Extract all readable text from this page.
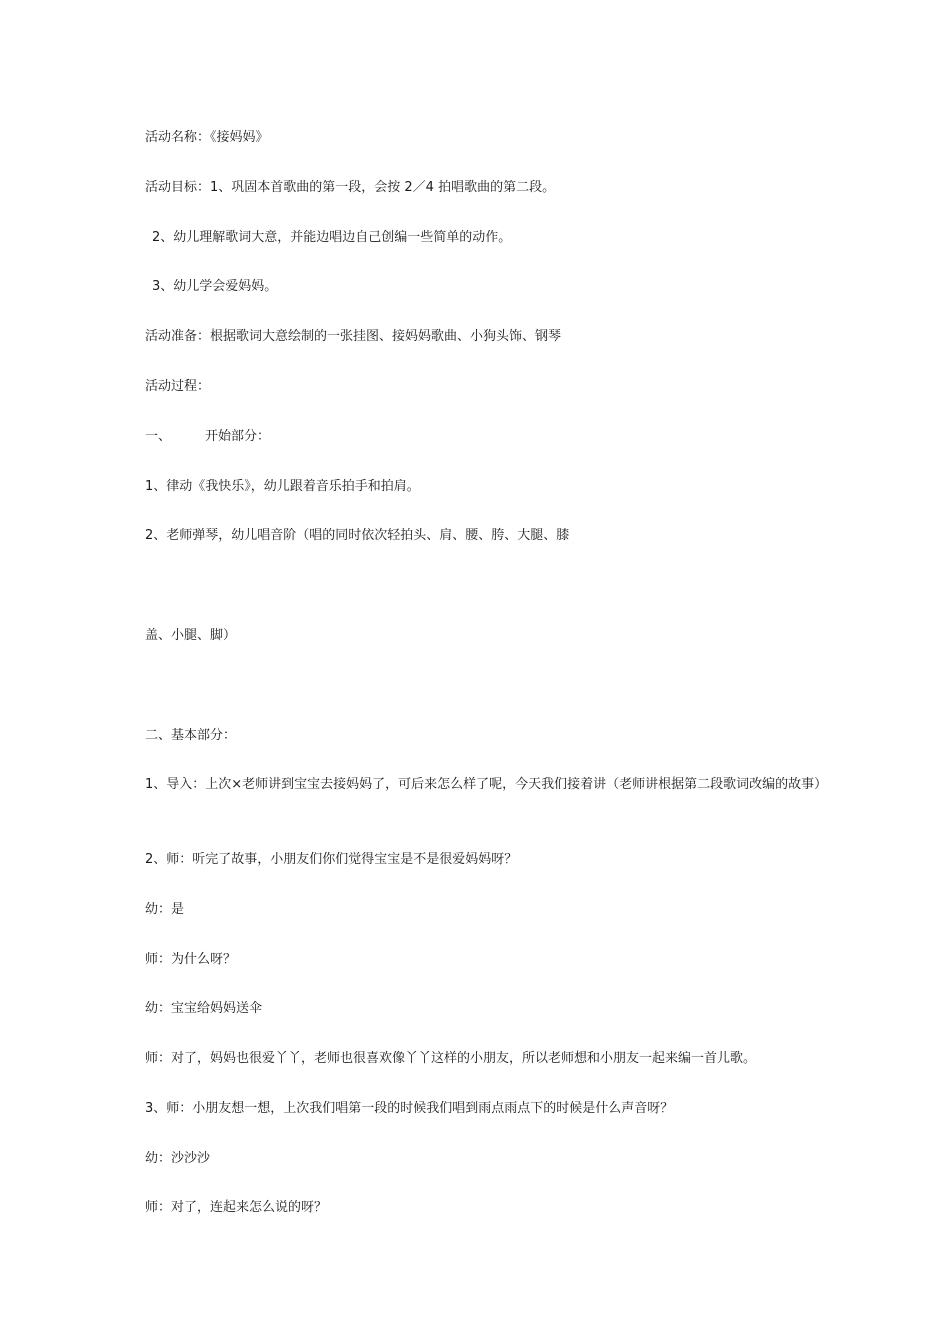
活动名称：《接妈妈》
活动目标：1、巩固本首歌曲的第一段，会按 2／4 拍唱歌曲的第二段。
2、幼儿理解歌词大意，并能边唱边自己创编一些简单的动作。
3、幼儿学会爱妈妈。
活动准备：根据歌词大意绘制的一张挂图、接妈妈歌曲、小狗头饰、钢琴
活动过程：
一、	开始部分：
1、律动《我快乐》，幼儿跟着音乐拍手和拍肩。
2、老师弹琴，幼儿唱音阶（唱的同时依次轻拍头、肩、腰、胯、大腿、膝
盖、小腿、脚）
二、基本部分：
1、导入：上次×老师讲到宝宝去接妈妈了，可后来怎么样了呢，今天我们接着讲（老师讲根据第二段歌词改编的故事）
2、师：听完了故事，小朋友们你们觉得宝宝是不是很爱妈妈呀？
幼：是
师：为什么呀？
幼：宝宝给妈妈送伞
师：对了，妈妈也很爱丫丫，老师也很喜欢像丫丫这样的小朋友，所以老师想和小朋友一起来编一首儿歌。
3、师：小朋友想一想，上次我们唱第一段的时候我们唱到雨点雨点下的时候是什么声音呀？
幼：沙沙沙
师：对了，连起来怎么说的呀？
